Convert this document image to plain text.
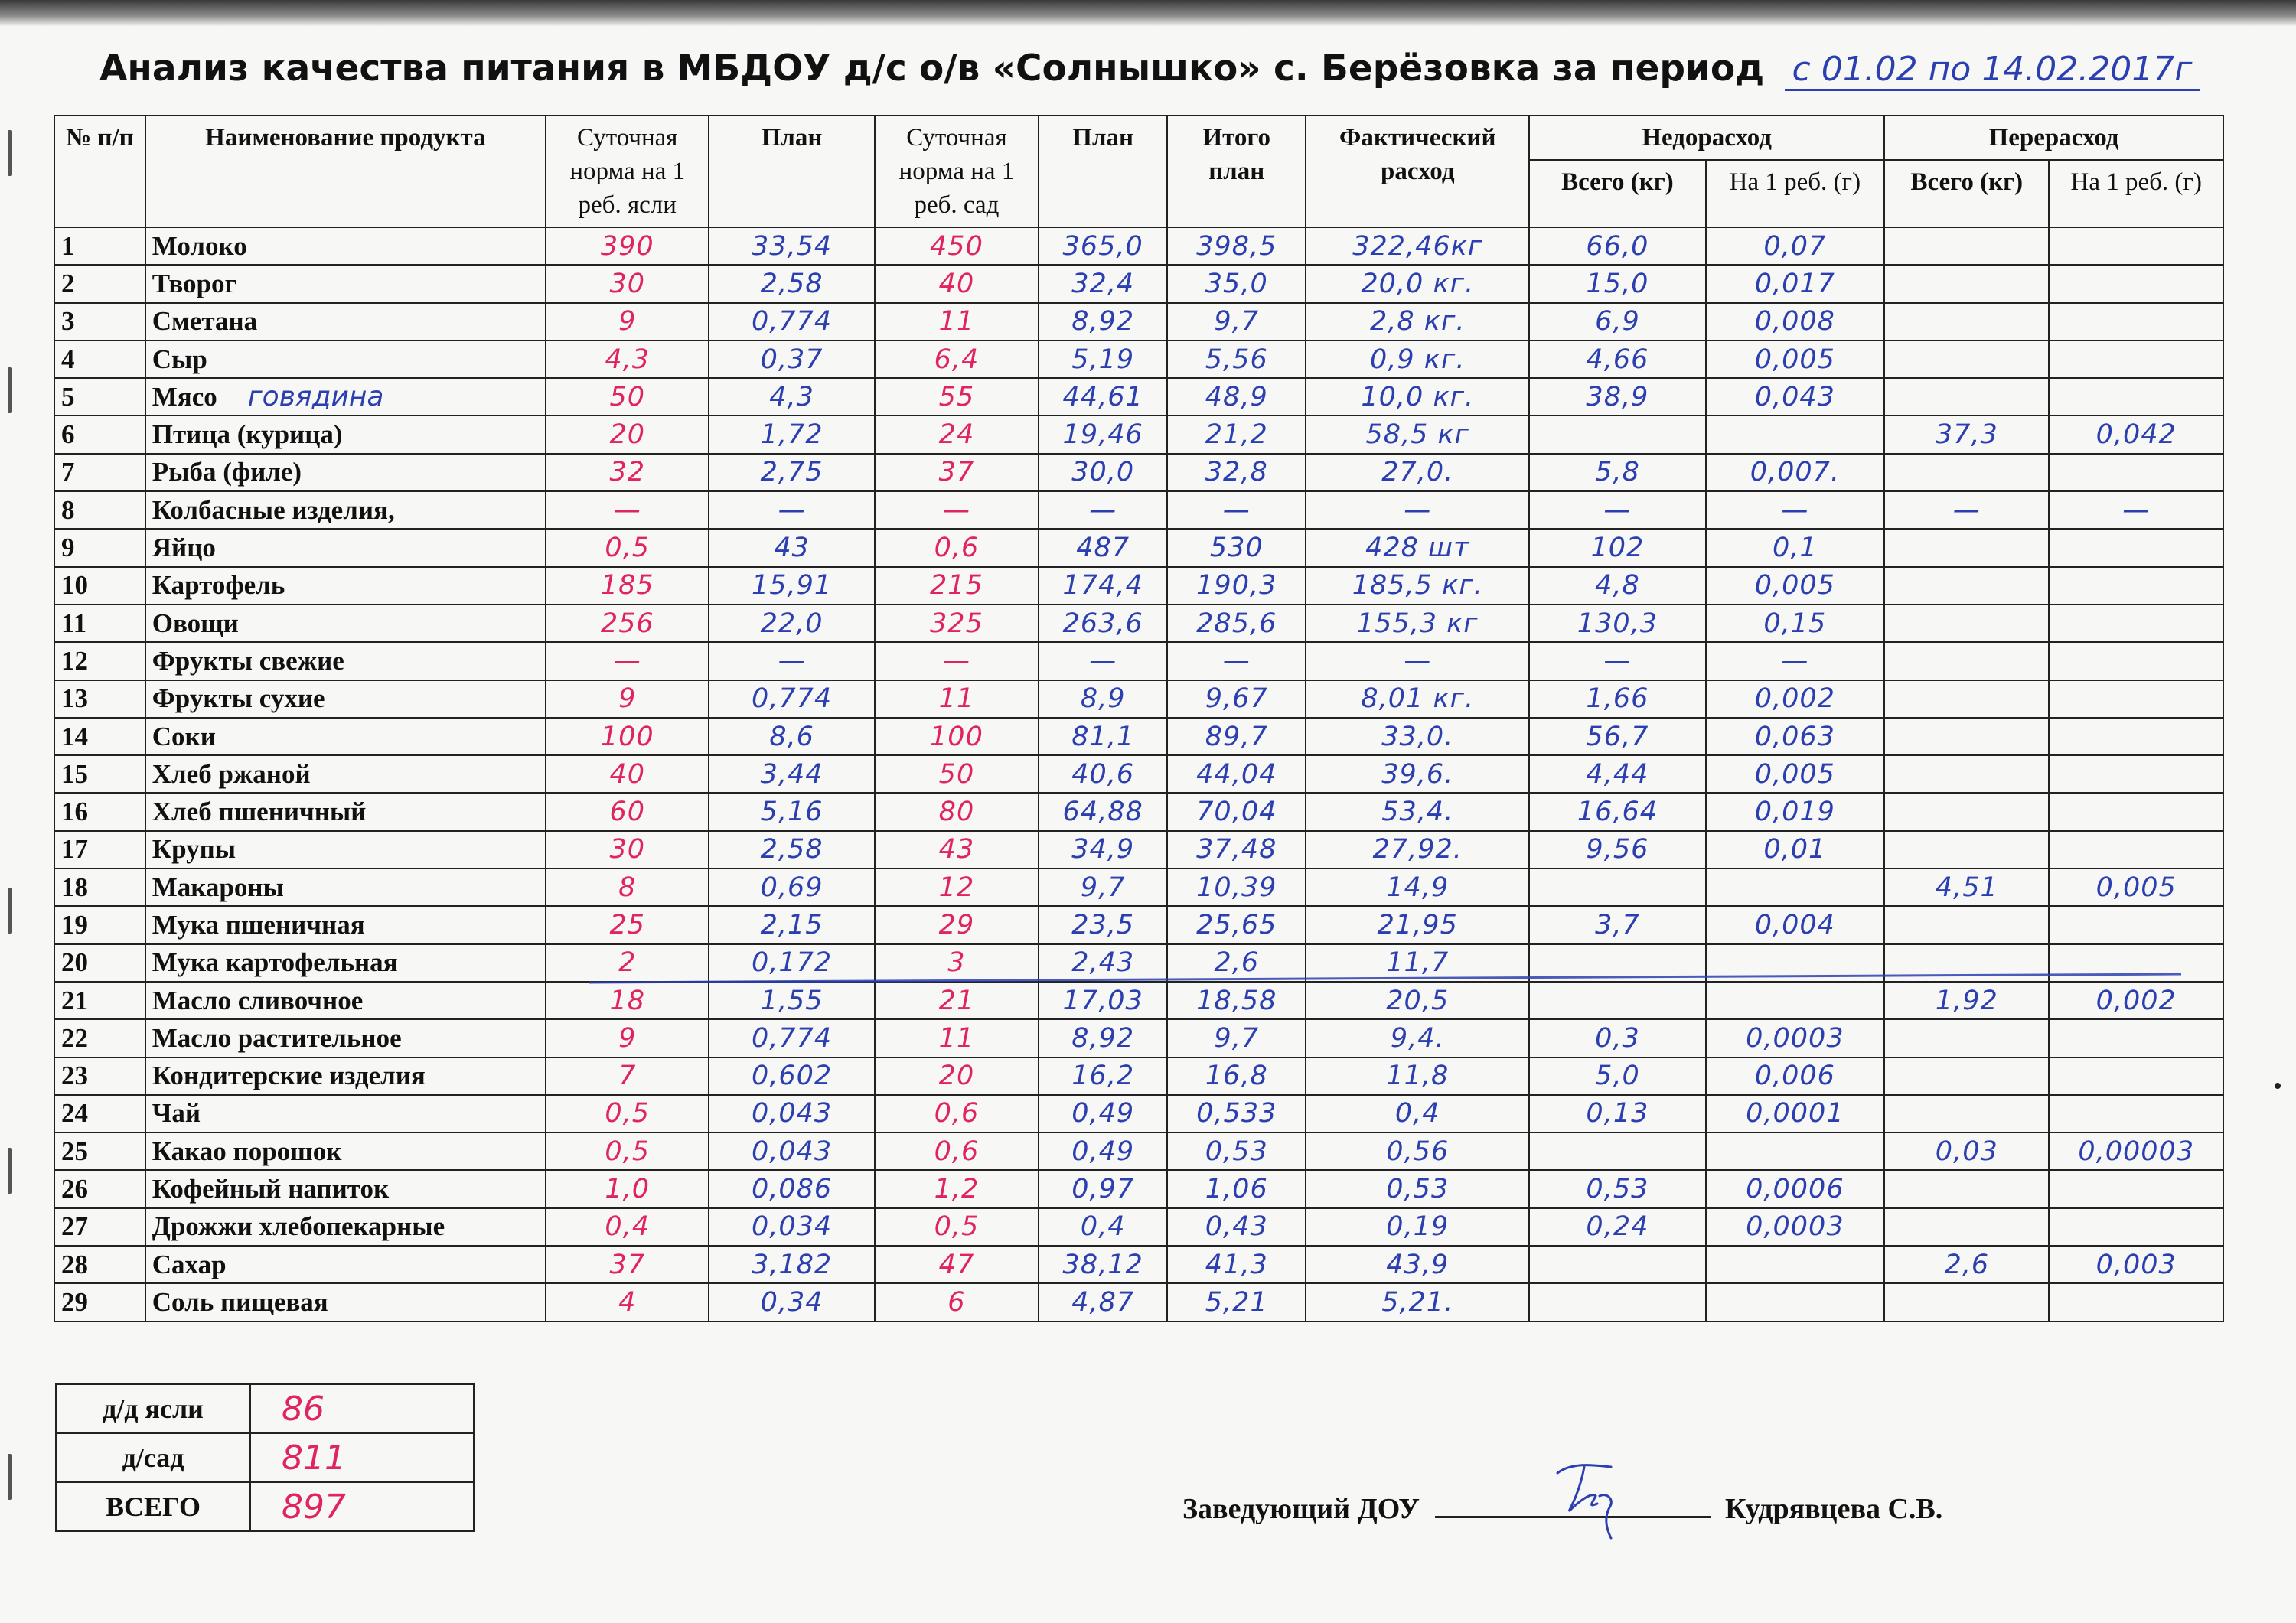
Анализ качества питания в МБДОУ д/с о/в «Солнышко» с. Берёзовка за период с 01.02 по 14.02.2017г
№ п/п	Наименование продукта	Суточная норма на 1 реб. ясли	План	Суточная норма на 1 реб. сад	План	Итого план	Фактический расход	Недорасход		Перерасход	
								Всего (кг)	На 1 реб. (г)	Всего (кг)	На 1 реб. (г)
1	Молоко	390	33,54	450	365,0	398,5	322,46кг	66,0	0,07		
2	Творог	30	2,58	40	32,4	35,0	20,0 кг.	15,0	0,017		
3	Сметана	9	0,774	11	8,92	9,7	2,8 кг.	6,9	0,008		
4	Сыр	4,3	0,37	6,4	5,19	5,56	0,9 кг.	4,66	0,005		
5	Мясо говядина	50	4,3	55	44,61	48,9	10,0 кг.	38,9	0,043		
6	Птица (курица)	20	1,72	24	19,46	21,2	58,5 кг			37,3	0,042
7	Рыба (филе)	32	2,75	37	30,0	32,8	27,0.	5,8	0,007.		
8	Колбасные изделия,	—	—	—	—	—	—	—	—	—	—
9	Яйцо	0,5	43	0,6	487	530	428 шт	102	0,1		
10	Картофель	185	15,91	215	174,4	190,3	185,5 кг.	4,8	0,005		
11	Овощи	256	22,0	325	263,6	285,6	155,3 кг	130,3	0,15		
12	Фрукты свежие	—	—	—	—	—	—	—	—		
13	Фрукты сухие	9	0,774	11	8,9	9,67	8,01 кг.	1,66	0,002		
14	Соки	100	8,6	100	81,1	89,7	33,0.	56,7	0,063		
15	Хлеб ржаной	40	3,44	50	40,6	44,04	39,6.	4,44	0,005		
16	Хлеб пшеничный	60	5,16	80	64,88	70,04	53,4.	16,64	0,019		
17	Крупы	30	2,58	43	34,9	37,48	27,92.	9,56	0,01		
18	Макароны	8	0,69	12	9,7	10,39	14,9			4,51	0,005
19	Мука пшеничная	25	2,15	29	23,5	25,65	21,95	3,7	0,004		
20	Мука картофельная	2	0,172	3	2,43	2,6	11,7				
21	Масло сливочное	18	1,55	21	17,03	18,58	20,5			1,92	0,002
22	Масло растительное	9	0,774	11	8,92	9,7	9,4.	0,3	0,0003		
23	Кондитерские изделия	7	0,602	20	16,2	16,8	11,8	5,0	0,006		
24	Чай	0,5	0,043	0,6	0,49	0,533	0,4	0,13	0,0001		
25	Какао порошок	0,5	0,043	0,6	0,49	0,53	0,56			0,03	0,00003
26	Кофейный напиток	1,0	0,086	1,2	0,97	1,06	0,53	0,53	0,0006		
27	Дрожжи хлебопекарные	0,4	0,034	0,5	0,4	0,43	0,19	0,24	0,0003		
28	Сахар	37	3,182	47	38,12	41,3	43,9			2,6	0,003
29	Соль пищевая	4	0,34	6	4,87	5,21	5,21.				
д/д ясли	86
д/сад	811
ВСЕГО	897	Заведующий ДОУ	Кудрявцева С.В.
